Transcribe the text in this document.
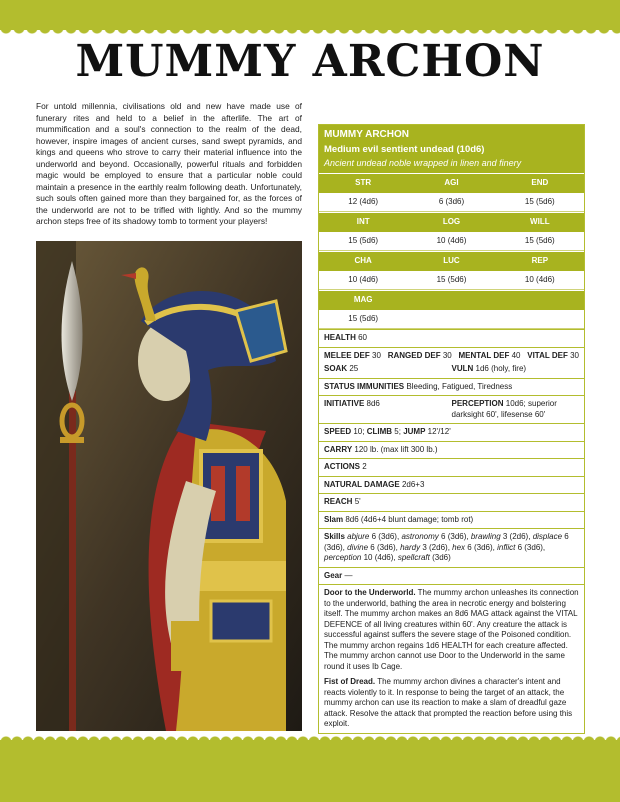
MUMMY ARCHON

For untold millennia, civilisations old and new have made use of funerary rites and held to a belief in the afterlife. The art of mummification and a soul's connection to the realm of the dead, however, inspire images of ancient curses, sand swept pyramids, and kings and queens who strove to carry their material influence into the underworld and beyond. Occasionally, powerful rituals and forbidden magic would be employed to ensure that a particular noble could maintain a presence in the earthly realm following death. Unfortunately, such souls often gained more than they bargained for, as the forces of the underworld are not to be trifled with lightly. And so the mummy archon steps free of its shadowy tomb to torment your players!

MUMMY ARCHON
Medium evil sentient undead (10d6)
Ancient undead noble wrapped in linen and finery
STR	AGI	END
12 (4d6)	6 (3d6)	15 (5d6)
INT	LOG	WILL
15 (5d6)	10 (4d6)	15 (5d6)
CHA	LUC	REP
10 (4d6)	15 (5d6)	10 (4d6)
MAG
15 (5d6)
HEALTH 60
MELEE DEF 30 RANGED DEF 30 MENTAL DEF 40 VITAL DEF 30
SOAK 25	VULN 1d6 (holy, fire)
STATUS IMMUNITIES Bleeding, Fatigued, Tiredness
INITIATIVE 8d6	PERCEPTION 10d6; superior darksight 60', lifesense 60'
SPEED 10; CLIMB 5; JUMP 12'/12'
CARRY 120 lb. (max lift 300 lb.)
ACTIONS 2
NATURAL DAMAGE 2d6+3
REACH 5'
Slam 8d6 (4d6+4 blunt damage; tomb rot)
Skills abjure 6 (3d6), astronomy 6 (3d6), brawling 3 (2d6), displace 6 (3d6), divine 6 (3d6), hardy 3 (2d6), hex 6 (3d6), inflict 6 (3d6), perception 10 (4d6), spellcraft (3d6)
Gear —
Door to the Underworld. The mummy archon unleashes its connection to the underworld, bathing the area in necrotic energy and bolstering itself. The mummy archon makes an 8d6 MAG attack against the VITAL DEFENCE of all living creatures within 60'. Any creature the attack is successful against suffers the severe stage of the Poisoned condition. The mummy archon regains 1d6 HEALTH for each creature affected. The mummy archon cannot use Door to the Underworld in the same round it uses Ib Cage.
Fist of Dread. The mummy archon divines a character's intent and reacts violently to it. In response to being the target of an attack, the mummy archon can use its reaction to make a slam of dreadful gaze attack. Resolve the attack that prompted the reaction before using this exploit.
